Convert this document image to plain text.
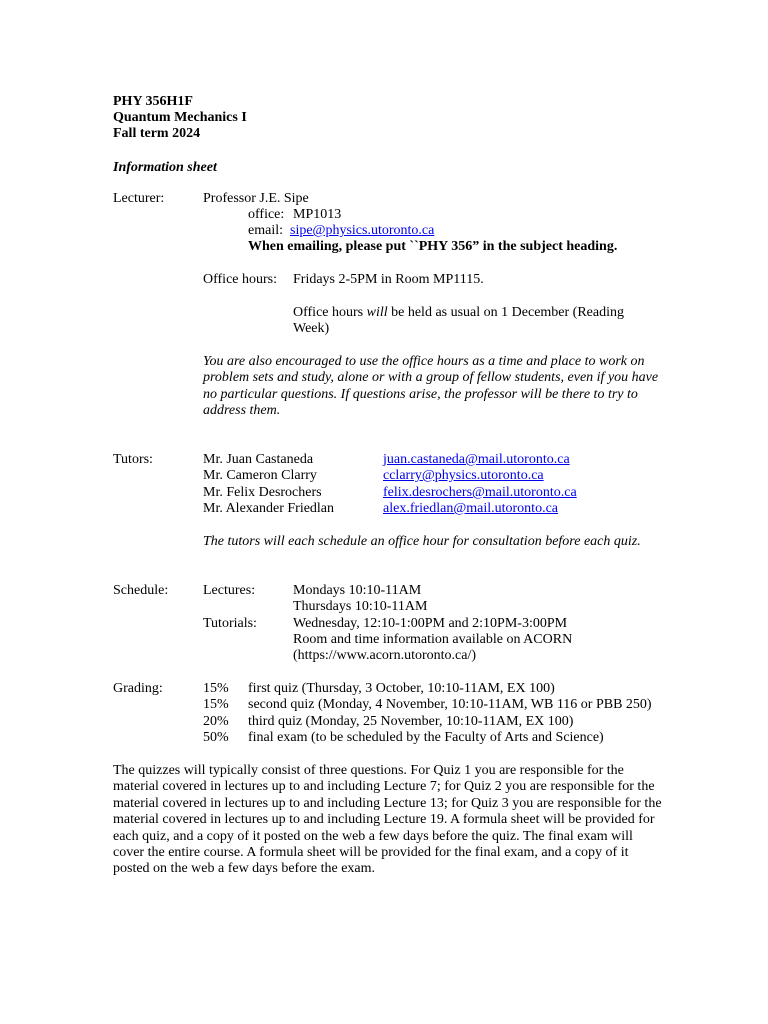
PHY 356H1F
Quantum Mechanics I
Fall term 2024
Information sheet
Lecturer:	Professor J.E. Sipe
office: MP1013
email: sipe@physics.utoronto.ca
When emailing, please put ``PHY 356” in the subject heading.
Office hours: Fridays 2-5PM in Room MP1115.
Office hours will be held as usual on 1 December (Reading
Week)
You are also encouraged to use the office hours as a time and place to work on
problem sets and study, alone or with a group of fellow students, even if you have
no particular questions. If questions arise, the professor will be there to try to
address them.
Tutors:	Mr. Juan Castaneda	juan.castaneda@mail.utoronto.ca
Mr. Cameron Clarry	cclarry@physics.utoronto.ca
Mr. Felix Desrochers	felix.desrochers@mail.utoronto.ca
Mr. Alexander Friedlan	alex.friedlan@mail.utoronto.ca
The tutors will each schedule an office hour for consultation before each quiz.
Schedule: Lectures:	Mondays 10:10-11AM
Thursdays 10:10-11AM
Tutorials:	Wednesday, 12:10-1:00PM and 2:10PM-3:00PM
Room and time information available on ACORN
(https://www.acorn.utoronto.ca/)
Grading:	15% first quiz (Thursday, 3 October, 10:10-11AM, EX 100)
15% second quiz (Monday, 4 November, 10:10-11AM, WB 116 or PBB 250)
20% third quiz (Monday, 25 November, 10:10-11AM, EX 100)
50% final exam (to be scheduled by the Faculty of Arts and Science)
The quizzes will typically consist of three questions. For Quiz 1 you are responsible for the
material covered in lectures up to and including Lecture 7; for Quiz 2 you are responsible for the
material covered in lectures up to and including Lecture 13; for Quiz 3 you are responsible for the
material covered in lectures up to and including Lecture 19. A formula sheet will be provided for
each quiz, and a copy of it posted on the web a few days before the quiz. The final exam will
cover the entire course. A formula sheet will be provided for the final exam, and a copy of it
posted on the web a few days before the exam.
